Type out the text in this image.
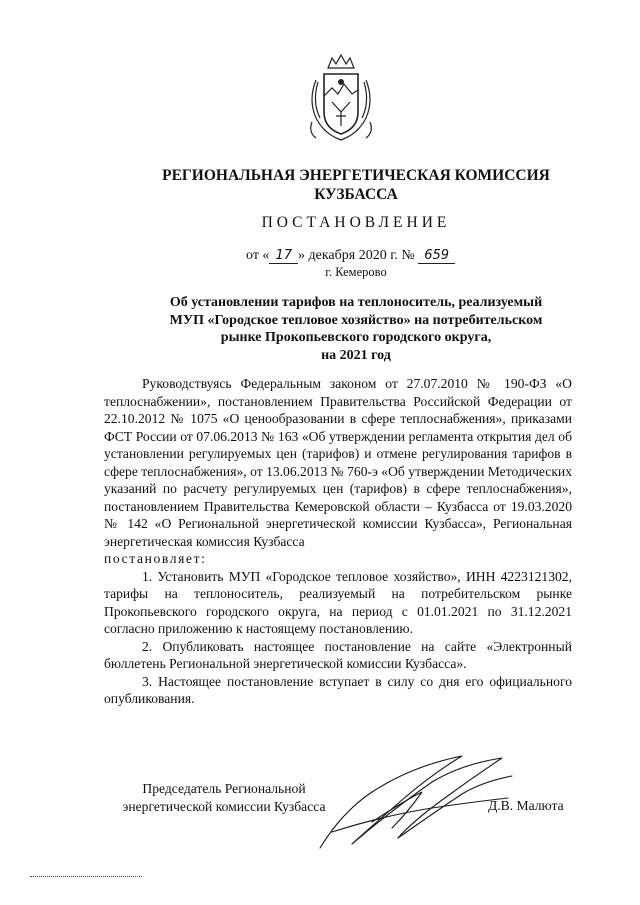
РЕГИОНАЛЬНАЯ ЭНЕРГЕТИЧЕСКАЯ КОМИССИЯ
КУЗБАССА
ПОСТАНОВЛЕНИЕ
от « 17 » декабря 2020 г. № 659
г. Кемерово
Об установлении тарифов на теплоноситель, реализуемый
МУП «Городское тепловое хозяйство» на потребительском
рынке Прокопьевского городского округа,
на 2021 год

Руководствуясь Федеральным законом от 27.07.2010 № 190-ФЗ «О теплоснабжении», постановлением Правительства Российской Федерации от 22.10.2012 № 1075 «О ценообразовании в сфере теплоснабжения», приказами ФСТ России от 07.06.2013 № 163 «Об утверждении регламента открытия дел об установлении регулируемых цен (тарифов) и отмене регулирования тарифов в сфере теплоснабжения», от 13.06.2013 № 760-э «Об утверждении Методических указаний по расчету регулируемых цен (тарифов) в сфере теплоснабжения», постановлением Правительства Кемеровской области – Кузбасса от 19.03.2020 № 142 «О Региональной энергетической комиссии Кузбасса», Региональная энергетическая комиссия Кузбасса

постановляет:

1. Установить МУП «Городское тепловое хозяйство», ИНН 4223121302, тарифы на теплоноситель, реализуемый на потребительском рынке Прокопьевского городского округа, на период с 01.01.2021 по 31.12.2021 согласно приложению к настоящему постановлению.

2. Опубликовать настоящее постановление на сайте «Электронный бюллетень Региональной энергетической комиссии Кузбасса».

3. Настоящее постановление вступает в силу со дня его официального опубликования.

Председатель Региональной
энергетической комиссии Кузбасса	Д.В. Малюта
